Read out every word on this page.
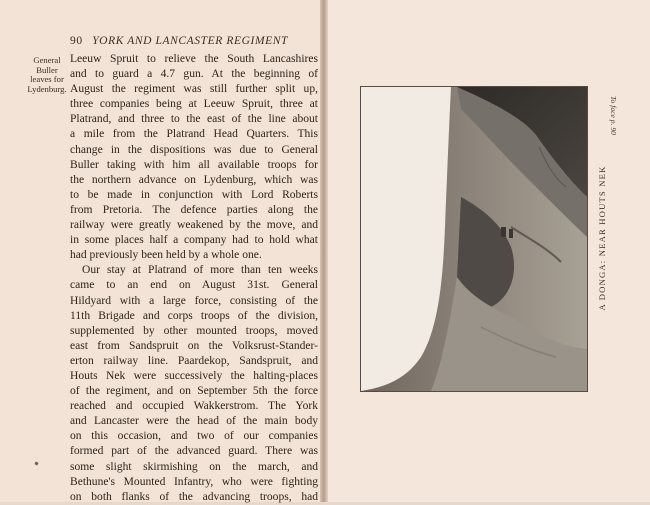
90 YORK AND LANCASTER REGIMENT
General
Buller
leaves for
Lydenburg.
Leeuw Spruit to relieve the South Lancashires
and to guard a 4.7 gun. At the beginning of
August the regiment was still further split up,
three companies being at Leeuw Spruit, three at
Platrand, and three to the east of the line about
a mile from the Platrand Head Quarters. This
change in the dispositions was due to General
Buller taking with him all available troops for
the northern advance on Lydenburg, which was
to be made in conjunction with Lord Roberts
from Pretoria. The defence parties along the
railway were greatly weakened by the move, and
in some places half a company had to hold what
had previously been held by a whole one.
Our stay at Platrand of more than ten weeks
came to an end on August 31st. General
Hildyard with a large force, consisting of the
11th Brigade and corps troops of the division,
supplemented by other mounted troops, moved
east from Sandspruit on the Volksrust-Stander-
erton railway line. Paardekop, Sandspruit, and
Houts Nek were successively the halting-places
of the regiment, and on September 5th the force
reached and occupied Wakkerstrom. The York
and Lancaster were the head of the main body
on this occasion, and two of our companies
formed part of the advanced guard. There was
some slight skirmishing on the march, and
Bethune's Mounted Infantry, who were fighting
on both flanks of the advancing troops, had
A DONGA: NEAR HOUTS NEK
To face p. 90
